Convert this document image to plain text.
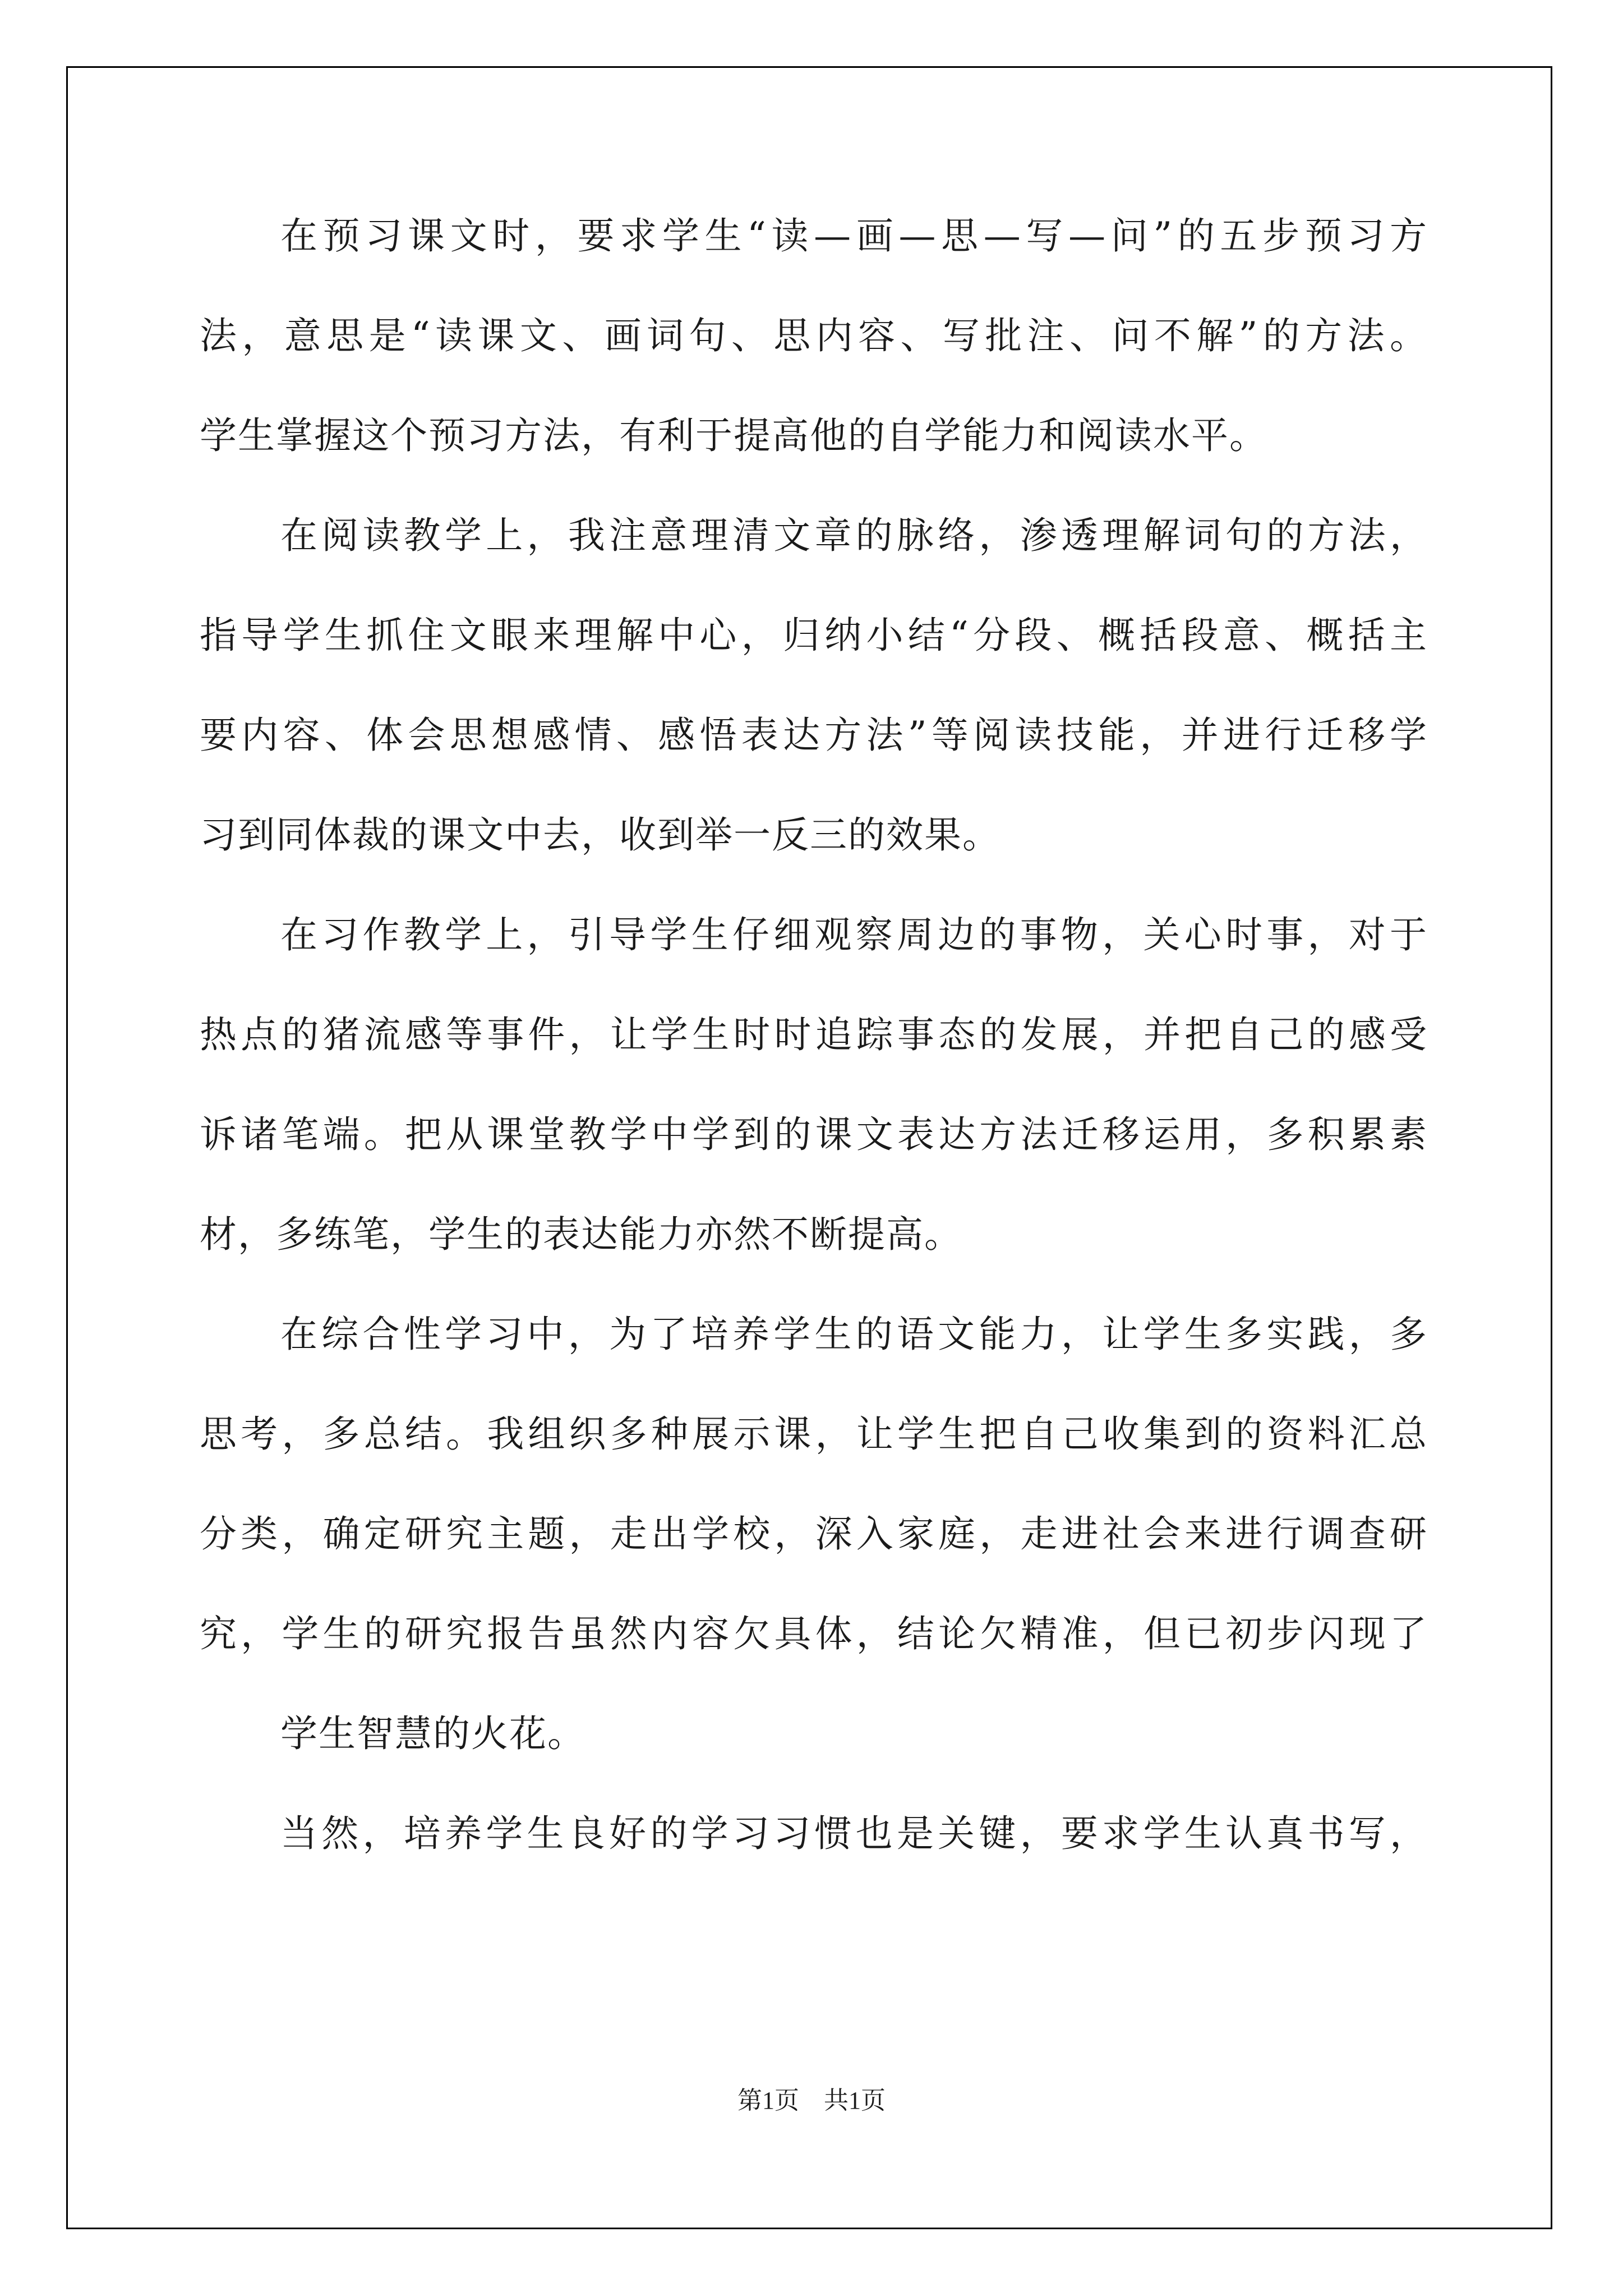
在预习课文时，要求学生“读—画—思—写—问”的五步预习方
法，意思是“读课文、画词句、思内容、写批注、问不解”的方法。
学生掌握这个预习方法，有利于提高他的自学能力和阅读水平。
在阅读教学上，我注意理清文章的脉络，渗透理解词句的方法，
指导学生抓住文眼来理解中心，归纳小结“分段、概括段意、概括主
要内容、体会思想感情、感悟表达方法”等阅读技能，并进行迁移学
习到同体裁的课文中去，收到举一反三的效果。
在习作教学上，引导学生仔细观察周边的事物，关心时事，对于
热点的猪流感等事件，让学生时时追踪事态的发展，并把自己的感受
诉诸笔端。把从课堂教学中学到的课文表达方法迁移运用，多积累素
材，多练笔，学生的表达能力亦然不断提高。
在综合性学习中，为了培养学生的语文能力，让学生多实践，多
思考，多总结。我组织多种展示课，让学生把自己收集到的资料汇总
分类，确定研究主题，走出学校，深入家庭，走进社会来进行调查研
究，学生的研究报告虽然内容欠具体，结论欠精准，但已初步闪现了
学生智慧的火花。
当然，培养学生良好的学习习惯也是关键，要求学生认真书写，
第1页　共1页
